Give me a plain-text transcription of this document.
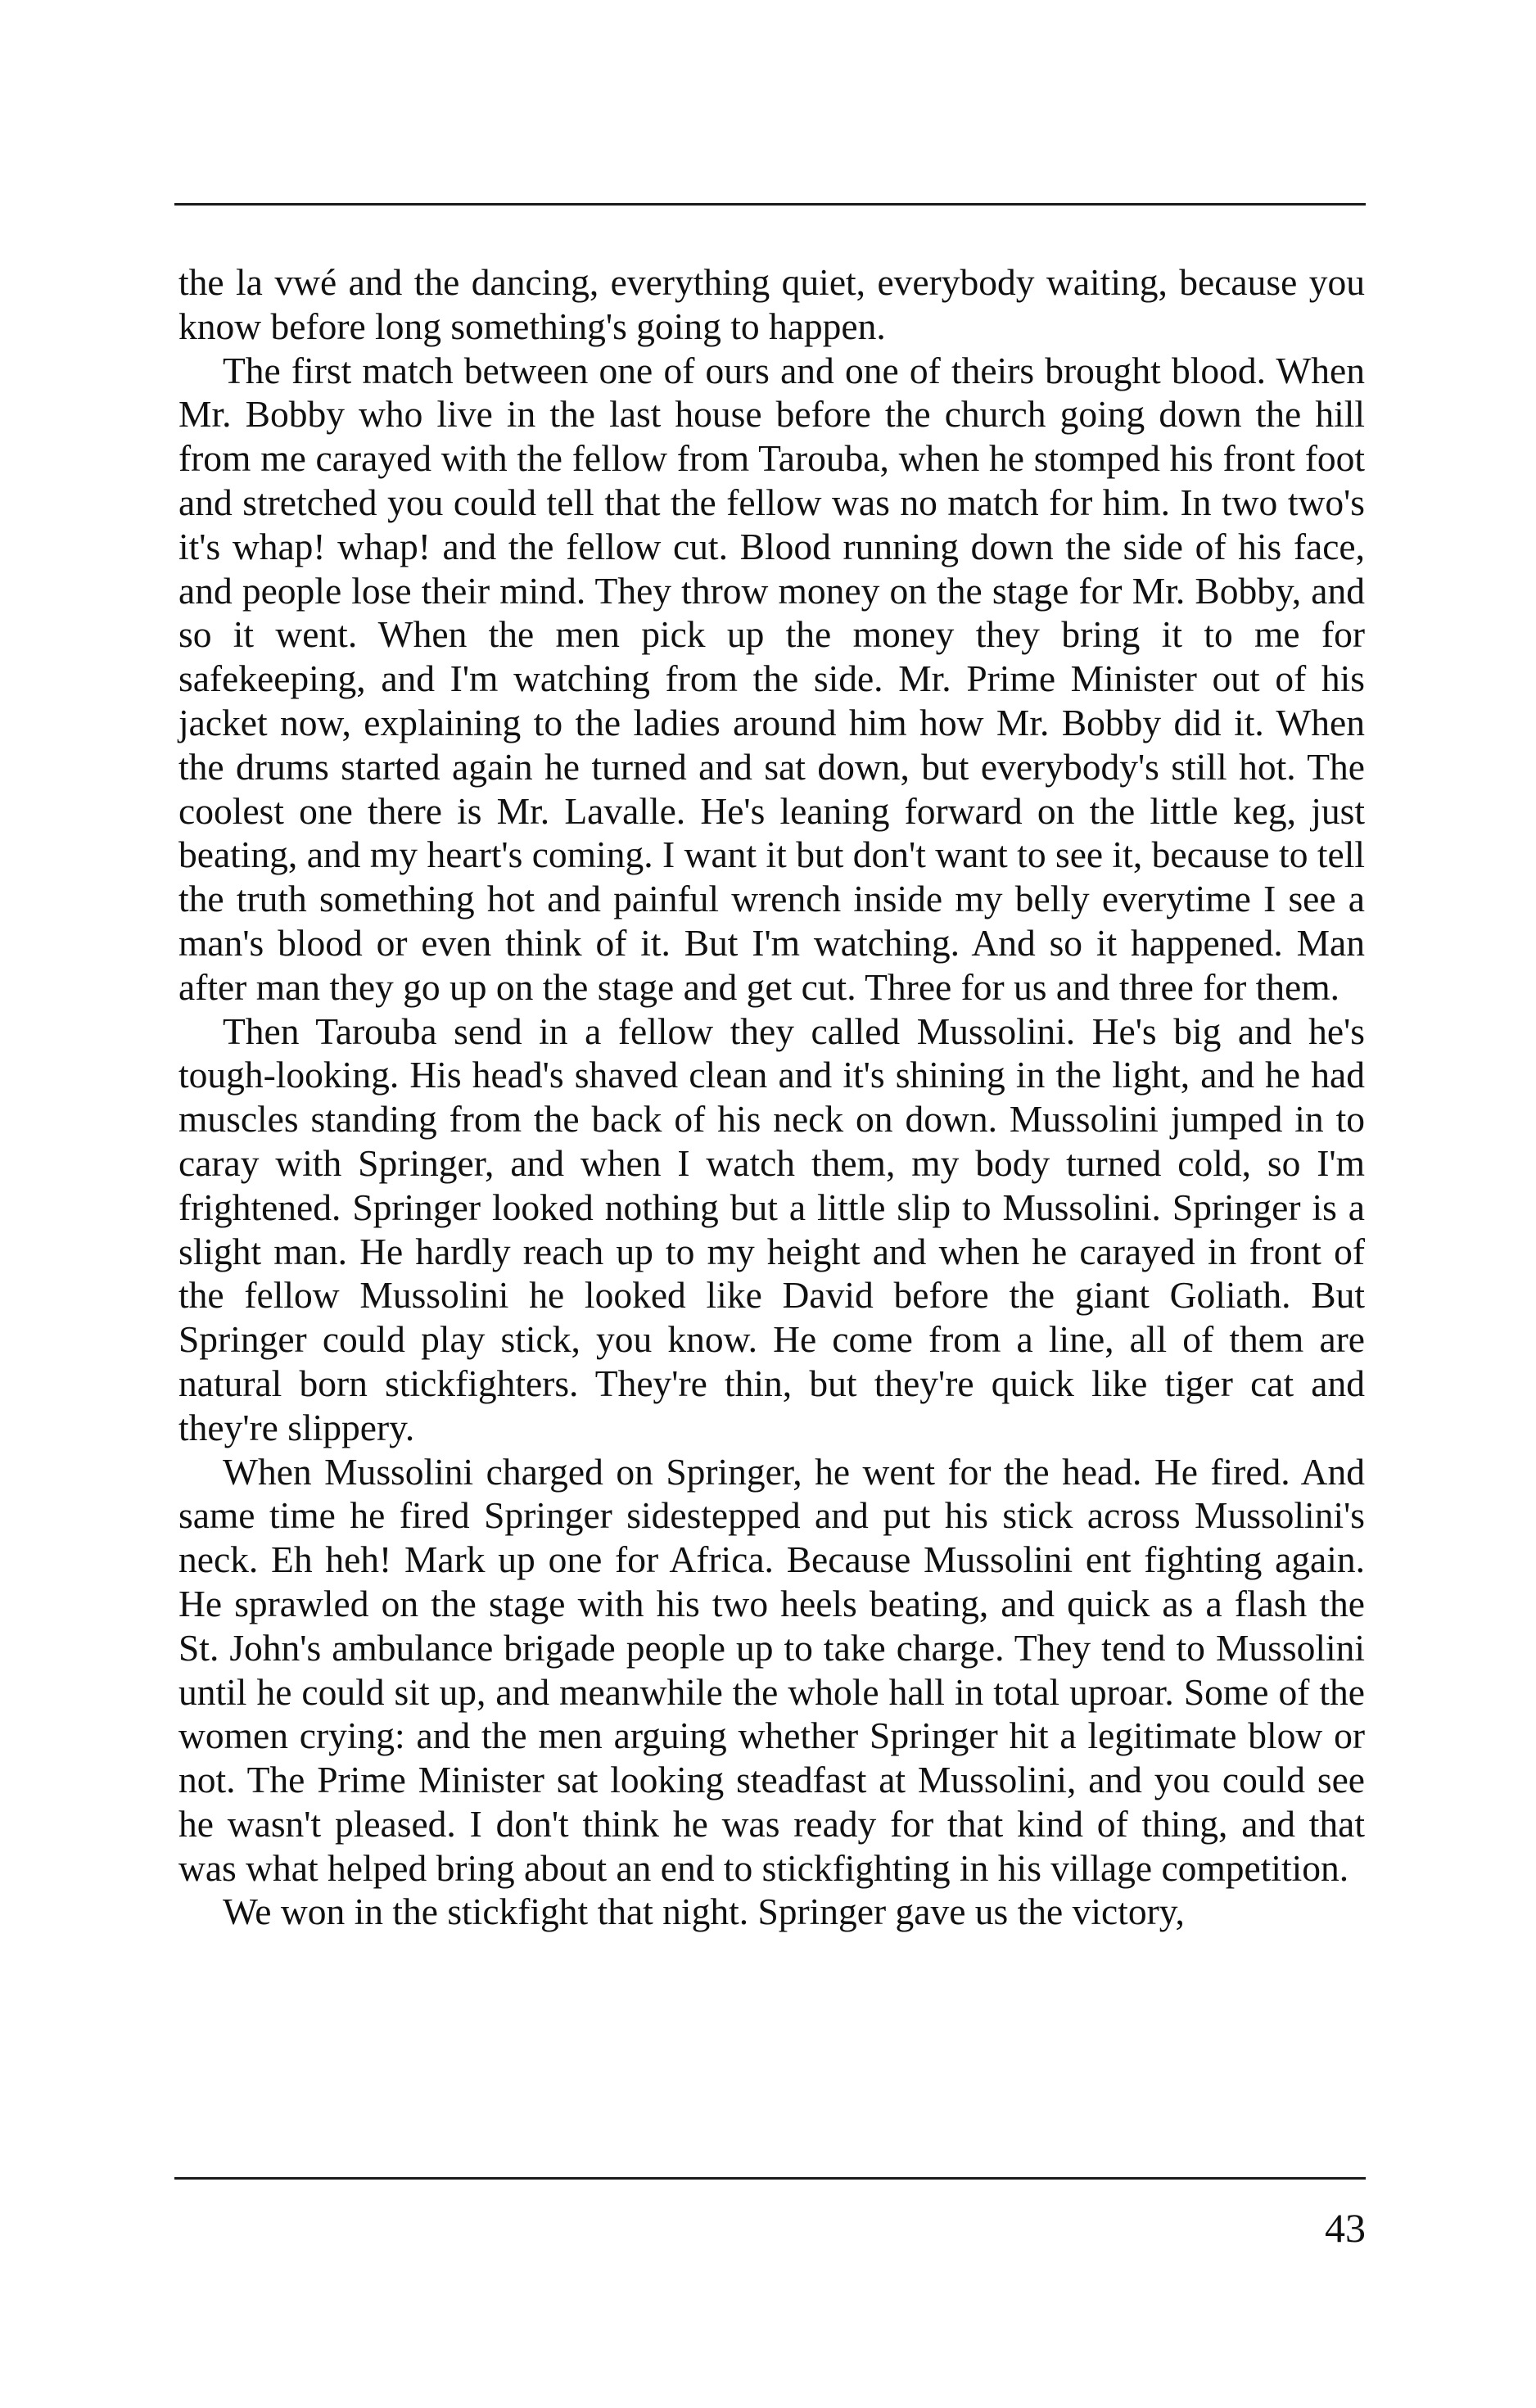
the la vwé and the dancing, everything quiet, everybody waiting, because you know before long something's going to happen.

The first match between one of ours and one of theirs brought blood. When Mr. Bobby who live in the last house before the church going down the hill from me carayed with the fellow from Tarouba, when he stomped his front foot and stretched you could tell that the fellow was no match for him. In two two's it's whap! whap! and the fellow cut. Blood running down the side of his face, and people lose their mind. They throw money on the stage for Mr. Bobby, and so it went. When the men pick up the money they bring it to me for safekeeping, and I'm watching from the side. Mr. Prime Minister out of his jacket now, explaining to the ladies around him how Mr. Bobby did it. When the drums started again he turned and sat down, but everybody's still hot. The coolest one there is Mr. Lavalle. He's leaning forward on the little keg, just beating, and my heart's coming. I want it but don't want to see it, because to tell the truth something hot and painful wrench inside my belly everytime I see a man's blood or even think of it. But I'm watching. And so it happened. Man after man they go up on the stage and get cut. Three for us and three for them.

Then Tarouba send in a fellow they called Mussolini. He's big and he's tough-looking. His head's shaved clean and it's shining in the light, and he had muscles standing from the back of his neck on down. Mussolini jumped in to caray with Springer, and when I watch them, my body turned cold, so I'm frightened. Springer looked nothing but a little slip to Mussolini. Springer is a slight man. He hardly reach up to my height and when he carayed in front of the fellow Mussolini he looked like David before the giant Goliath. But Springer could play stick, you know. He come from a line, all of them are natural born stickfighters. They're thin, but they're quick like tiger cat and they're slippery.

When Mussolini charged on Springer, he went for the head. He fired. And same time he fired Springer sidestepped and put his stick across Mussolini's neck. Eh heh! Mark up one for Africa. Because Mussolini ent fighting again. He sprawled on the stage with his two heels beating, and quick as a flash the St. John's ambulance brigade people up to take charge. They tend to Mussolini until he could sit up, and meanwhile the whole hall in total uproar. Some of the women crying: and the men arguing whether Springer hit a legitimate blow or not. The Prime Minister sat looking steadfast at Mussolini, and you could see he wasn't pleased. I don't think he was ready for that kind of thing, and that was what helped bring about an end to stickfighting in his village competition.

We won in the stickfight that night. Springer gave us the victory,

43
